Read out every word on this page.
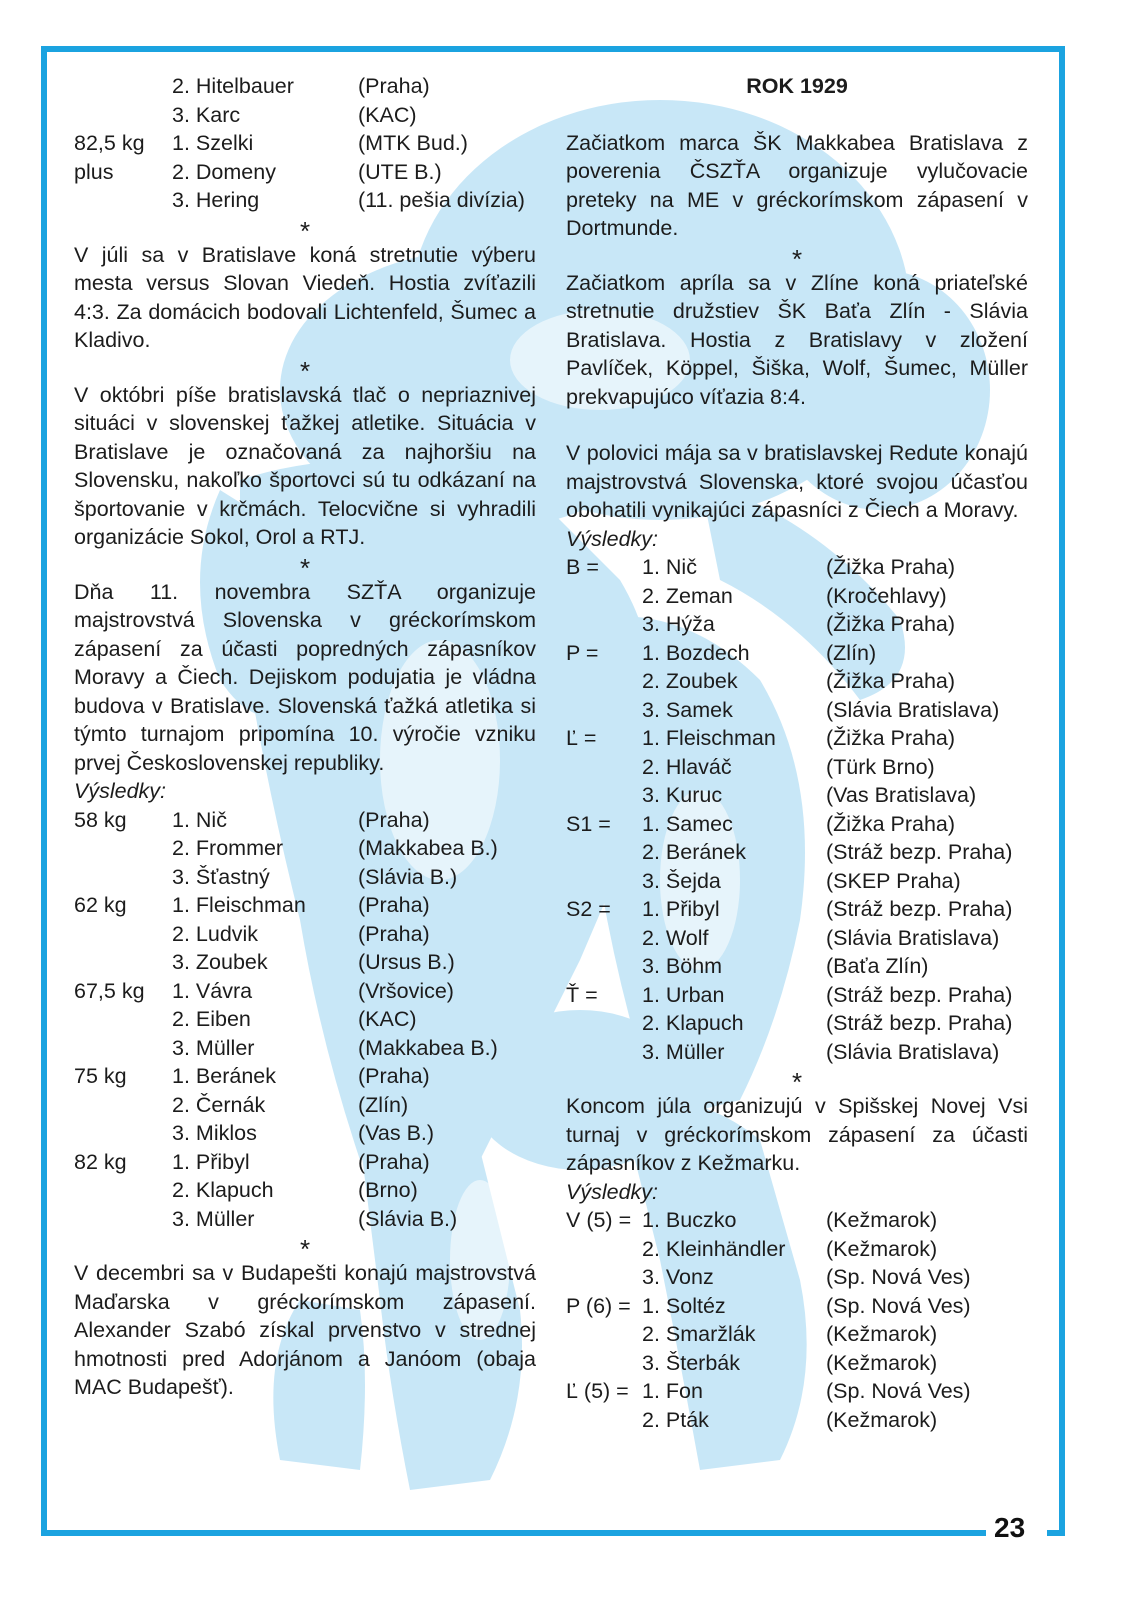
23
2. Hitelbauer	(Praha)
3. Karc	(KAC)
82,5 kg	1. Szelki	(MTK Bud.)
plus	2. Domeny	(UTE B.)
3. Hering	(11. pešia divízia)
*

V júli sa v Bratislave koná stretnutie výberu mesta versus Slovan Viedeň. Hostia zvíťazili 4:3. Za domácich bodovali Lichtenfeld, Šumec a Kladivo.

*

V októbri píše bratislavská tlač o nepriaznivej situáci v slovenskej ťažkej atletike. Situácia v Bratislave je označovaná za najhoršiu na Slovensku, nakoľko športovci sú tu odkázaní na športovanie v krčmách. Telocvične si vyhradili organizácie Sokol, Orol a RTJ.

*

Dňa 11. novembra SZŤA organizuje majstrovstvá Slovenska v gréckorímskom zápasení za účasti popredných zápasníkov Moravy a Čiech. Dejiskom podujatia je vládna budova v Bratislave. Slovenská ťažká atletika si týmto turnajom pripomína 10. výročie vzniku prvej Československej republiky.

Výsledky:

58 kg	1. Nič	(Praha)
2. Frommer	(Makkabea B.)
3. Šťastný	(Slávia B.)
62 kg	1. Fleischman	(Praha)
2. Ludvik	(Praha)
3. Zoubek	(Ursus B.)
67,5 kg	1. Vávra	(Vršovice)
2. Eiben	(KAC)
3. Müller	(Makkabea B.)
75 kg	1. Beránek	(Praha)
2. Černák	(Zlín)
3. Miklos	(Vas B.)
82 kg	1. Přibyl	(Praha)
2. Klapuch	(Brno)
3. Müller	(Slávia B.)
*

V decembri sa v Budapešti konajú majstrovstvá Maďarska v gréckorímskom zápasení. Alexander Szabó získal prvenstvo v strednej hmotnosti pred Adorjánom a Janóom (obaja MAC Budapešť).

ROK 1929

Začiatkom marca ŠK Makkabea Bratislava z poverenia ČSZŤA organizuje vylučovacie preteky na ME v gréckorímskom zápasení v Dortmunde.

*

Začiatkom apríla sa v Zlíne koná priateľské stretnutie družstiev ŠK Baťa Zlín - Slávia Bratislava. Hostia z Bratislavy v zložení Pavlíček, Köppel, Šiška, Wolf, Šumec, Müller prekvapujúco víťazia 8:4.

V polovici mája sa v bratislavskej Redute konajú majstrovstvá Slovenska, ktoré svojou účasťou obohatili vynikajúci zápasníci z Čiech a Moravy.

Výsledky:

B =	1. Nič	(Žižka Praha)
2. Zeman	(Kročehlavy)
3. Hýža	(Žižka Praha)
P =	1. Bozdech	(Zlín)
2. Zoubek	(Žižka Praha)
3. Samek	(Slávia Bratislava)
Ľ =	1. Fleischman	(Žižka Praha)
2. Hlaváč	(Türk Brno)
3. Kuruc	(Vas Bratislava)
S1 =	1. Samec	(Žižka Praha)
2. Beránek	(Stráž bezp. Praha)
3. Šejda	(SKEP Praha)
S2 =	1. Přibyl	(Stráž bezp. Praha)
2. Wolf	(Slávia Bratislava)
3. Böhm	(Baťa Zlín)
Ť =	1. Urban	(Stráž bezp. Praha)
2. Klapuch	(Stráž bezp. Praha)
3. Müller	(Slávia Bratislava)
*

Koncom júla organizujú v Spišskej Novej Vsi turnaj v gréckorímskom zápasení za účasti zápasníkov z Kežmarku.

Výsledky:

V (5) = 1. Buczko	(Kežmarok)
2. Kleinhändler	(Kežmarok)
3. Vonz	(Sp. Nová Ves)
P (6) = 1. Soltéz	(Sp. Nová Ves)
2. Smaržlák	(Kežmarok)
3. Šterbák	(Kežmarok)
Ľ (5) = 1. Fon	(Sp. Nová Ves)
2. Pták	(Kežmarok)
